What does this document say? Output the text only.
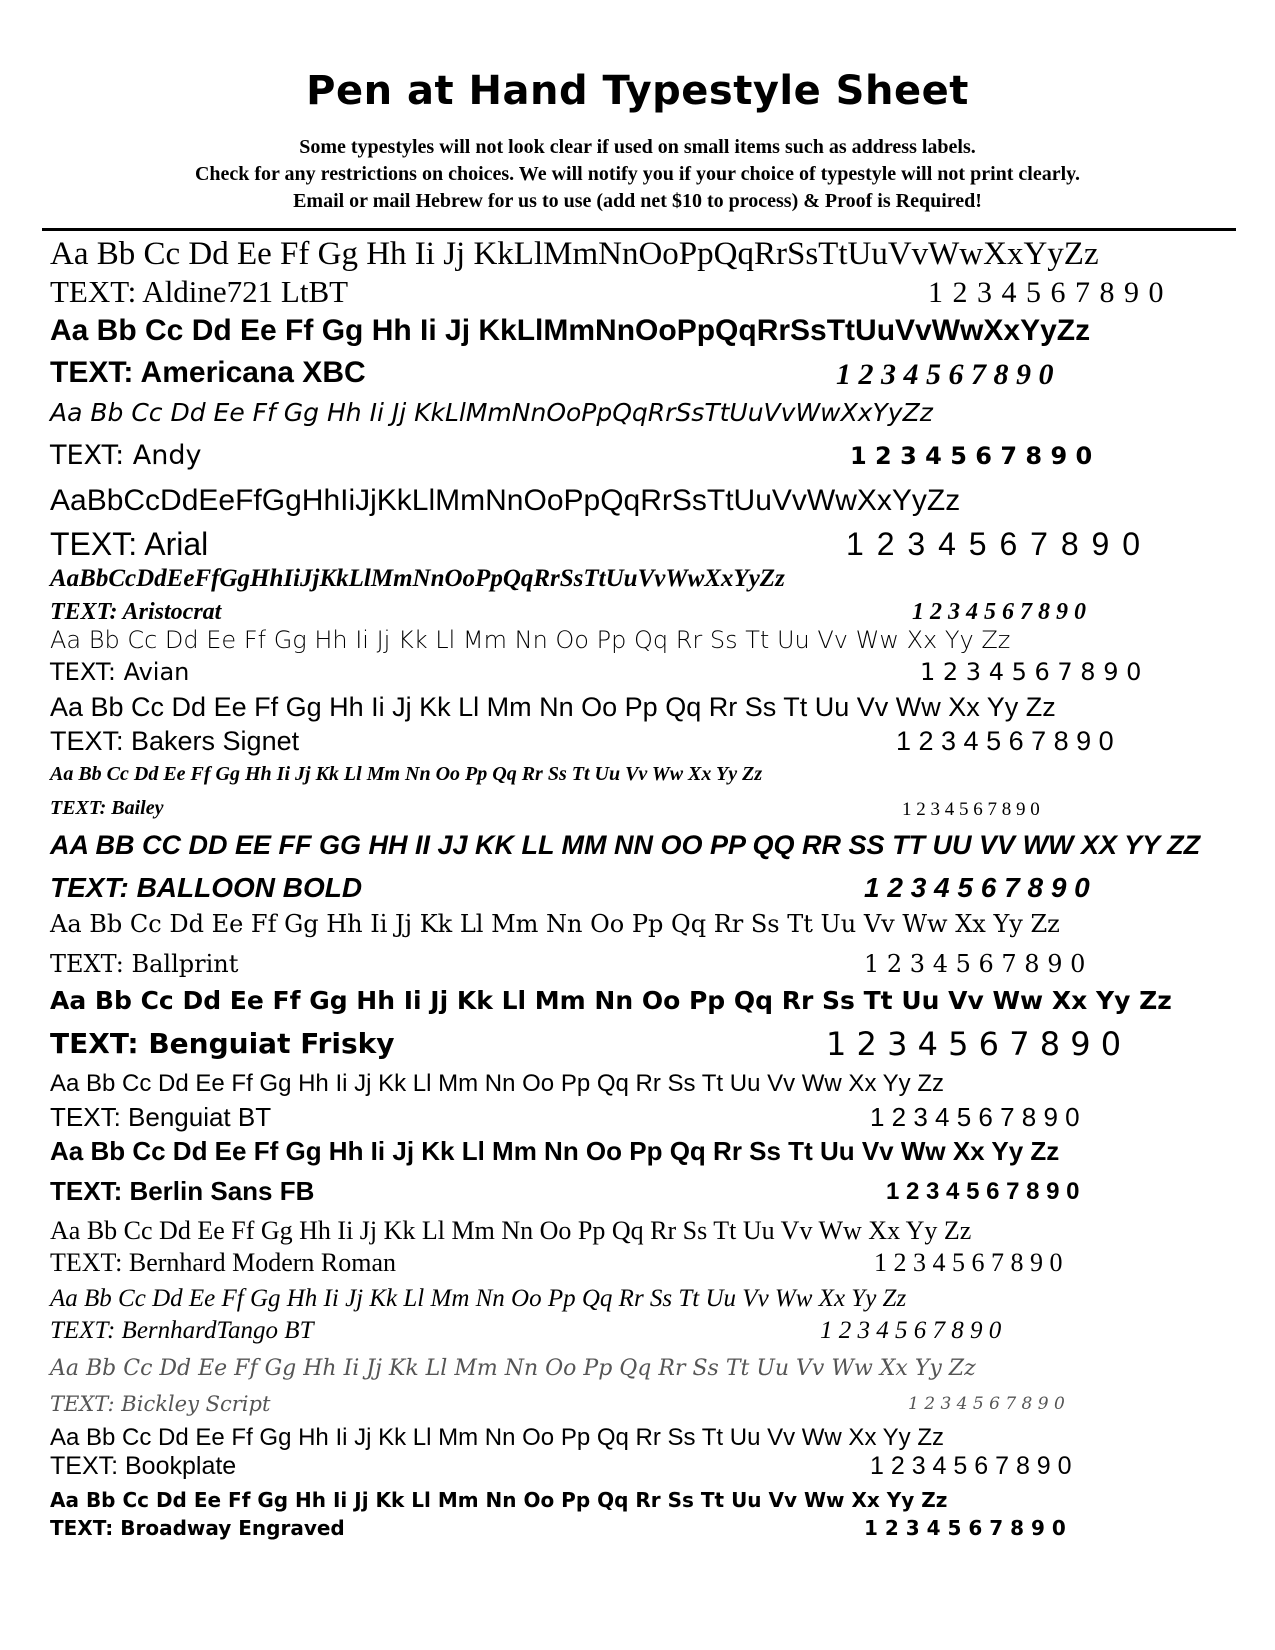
Pen at Hand Typestyle Sheet
Some typestyles will not look clear if used on small items such as address labels.
Check for any restrictions on choices. We will notify you if your choice of typestyle will not print clearly.
Email or mail Hebrew for us to use (add net $10 to process) & Proof is Required!
Aa Bb Cc Dd Ee Ff Gg Hh Ii Jj KkLlMmNnOoPpQqRrSsTtUuVvWwXxYyZz
TEXT: Aldine721 LtBT	1 2 3 4 5 6 7 8 9 0
Aa Bb Cc Dd Ee Ff Gg Hh Ii Jj KkLlMmNnOoPpQqRrSsTtUuVvWwXxYyZz
TEXT: Americana XBC	1 2 3 4 5 6 7 8 9 0
Aa Bb Cc Dd Ee Ff Gg Hh Ii Jj KkLlMmNnOoPpQqRrSsTtUuVvWwXxYyZz
TEXT: Andy	1 2 3 4 5 6 7 8 9 0
AaBbCcDdEeFfGgHhIiJjKkLlMmNnOoPpQqRrSsTtUuVvWwXxYyZz
TEXT: Arial	1 2 3 4 5 6 7 8 9 0
AaBbCcDdEeFfGgHhIiJjKkLlMmNnOoPpQqRrSsTtUuVvWwXxYyZz
TEXT: Aristocrat	1 2 3 4 5 6 7 8 9 0
Aa Bb Cc Dd Ee Ff Gg Hh Ii Jj Kk Ll Mm Nn Oo Pp Qq Rr Ss Tt Uu Vv Ww Xx Yy Zz
TEXT: Avian	1 2 3 4 5 6 7 8 9 0
Aa Bb Cc Dd Ee Ff Gg Hh Ii Jj Kk Ll Mm Nn Oo Pp Qq Rr Ss Tt Uu Vv Ww Xx Yy Zz
TEXT: Bakers Signet	1 2 3 4 5 6 7 8 9 0
Aa Bb Cc Dd Ee Ff Gg Hh Ii Jj Kk Ll Mm Nn Oo Pp Qq Rr Ss Tt Uu Vv Ww Xx Yy Zz
TEXT: Bailey	1 2 3 4 5 6 7 8 9 0
AA BB CC DD EE FF GG HH II JJ KK LL MM NN OO PP QQ RR SS TT UU VV WW XX YY ZZ
TEXT: BALLOON BOLD	1 2 3 4 5 6 7 8 9 0
Aa Bb Cc Dd Ee Ff Gg Hh Ii Jj Kk Ll Mm Nn Oo Pp Qq Rr Ss Tt Uu Vv Ww Xx Yy Zz
TEXT: Ballprint	1 2 3 4 5 6 7 8 9 0
Aa Bb Cc Dd Ee Ff Gg Hh Ii Jj Kk Ll Mm Nn Oo Pp Qq Rr Ss Tt Uu Vv Ww Xx Yy Zz
TEXT: Benguiat Frisky	1 2 3 4 5 6 7 8 9 0
Aa Bb Cc Dd Ee Ff Gg Hh Ii Jj Kk Ll Mm Nn Oo Pp Qq Rr Ss Tt Uu Vv Ww Xx Yy Zz
TEXT: Benguiat BT	1 2 3 4 5 6 7 8 9 0
Aa Bb Cc Dd Ee Ff Gg Hh Ii Jj Kk Ll Mm Nn Oo Pp Qq Rr Ss Tt Uu Vv Ww Xx Yy Zz
TEXT: Berlin Sans FB	1 2 3 4 5 6 7 8 9 0
Aa Bb Cc Dd Ee Ff Gg Hh Ii Jj Kk Ll Mm Nn Oo Pp Qq Rr Ss Tt Uu Vv Ww Xx Yy Zz
TEXT: Bernhard Modern Roman	1 2 3 4 5 6 7 8 9 0
Aa Bb Cc Dd Ee Ff Gg Hh Ii Jj Kk Ll Mm Nn Oo Pp Qq Rr Ss Tt Uu Vv Ww Xx Yy Zz
TEXT: BernhardTango BT	1 2 3 4 5 6 7 8 9 0
Aa Bb Cc Dd Ee Ff Gg Hh Ii Jj Kk Ll Mm Nn Oo Pp Qq Rr Ss Tt Uu Vv Ww Xx Yy Zz
TEXT: Bickley Script	1 2 3 4 5 6 7 8 9 0
Aa Bb Cc Dd Ee Ff Gg Hh Ii Jj Kk Ll Mm Nn Oo Pp Qq Rr Ss Tt Uu Vv Ww Xx Yy Zz
TEXT: Bookplate	1 2 3 4 5 6 7 8 9 0
Aa Bb Cc Dd Ee Ff Gg Hh Ii Jj Kk Ll Mm Nn Oo Pp Qq Rr Ss Tt Uu Vv Ww Xx Yy Zz
TEXT: Broadway Engraved	1 2 3 4 5 6 7 8 9 0
